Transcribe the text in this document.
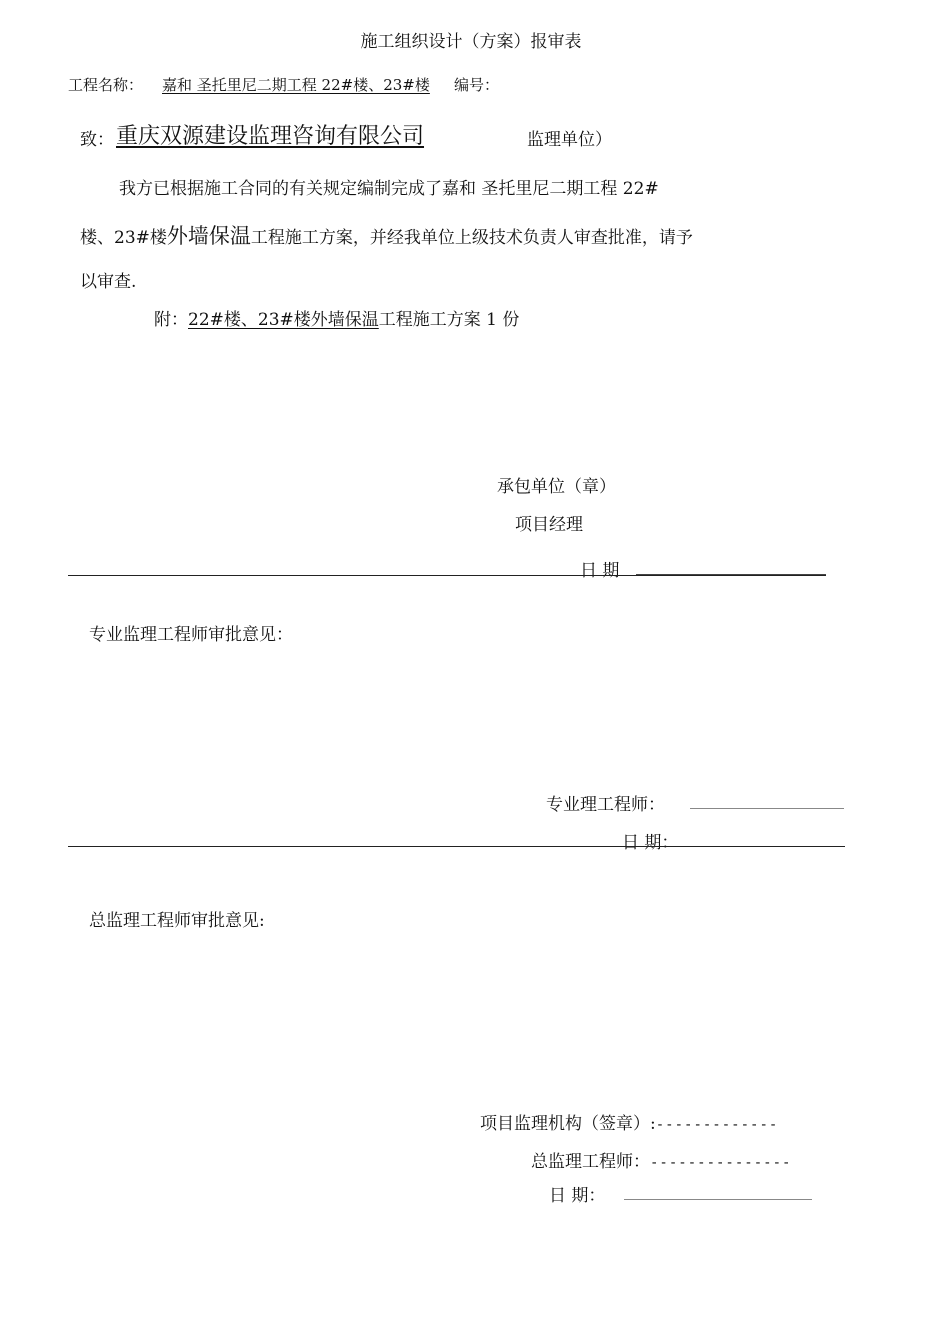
施工组织设计（方案）报审表
工程名称： 嘉和 圣托里尼二期工程 22#楼、23#楼 编号：
致： 重庆双源建设监理咨询有限公司	监理单位）
我方已根据施工合同的有关规定编制完成了嘉和 圣托里尼二期工程 22#
楼、23#楼外墙保温工程施工方案，并经我单位上级技术负责人审查批准，请予
以审查.
附：22#楼、23#楼外墙保温工程施工方案 1 份
承包单位（章）
项目经理
日 期
专业监理工程师审批意见：
专业理工程师：
日 期：
总监理工程师审批意见:
项目监理机构（签章）:-------------
总监理工程师：---------------
日 期：
